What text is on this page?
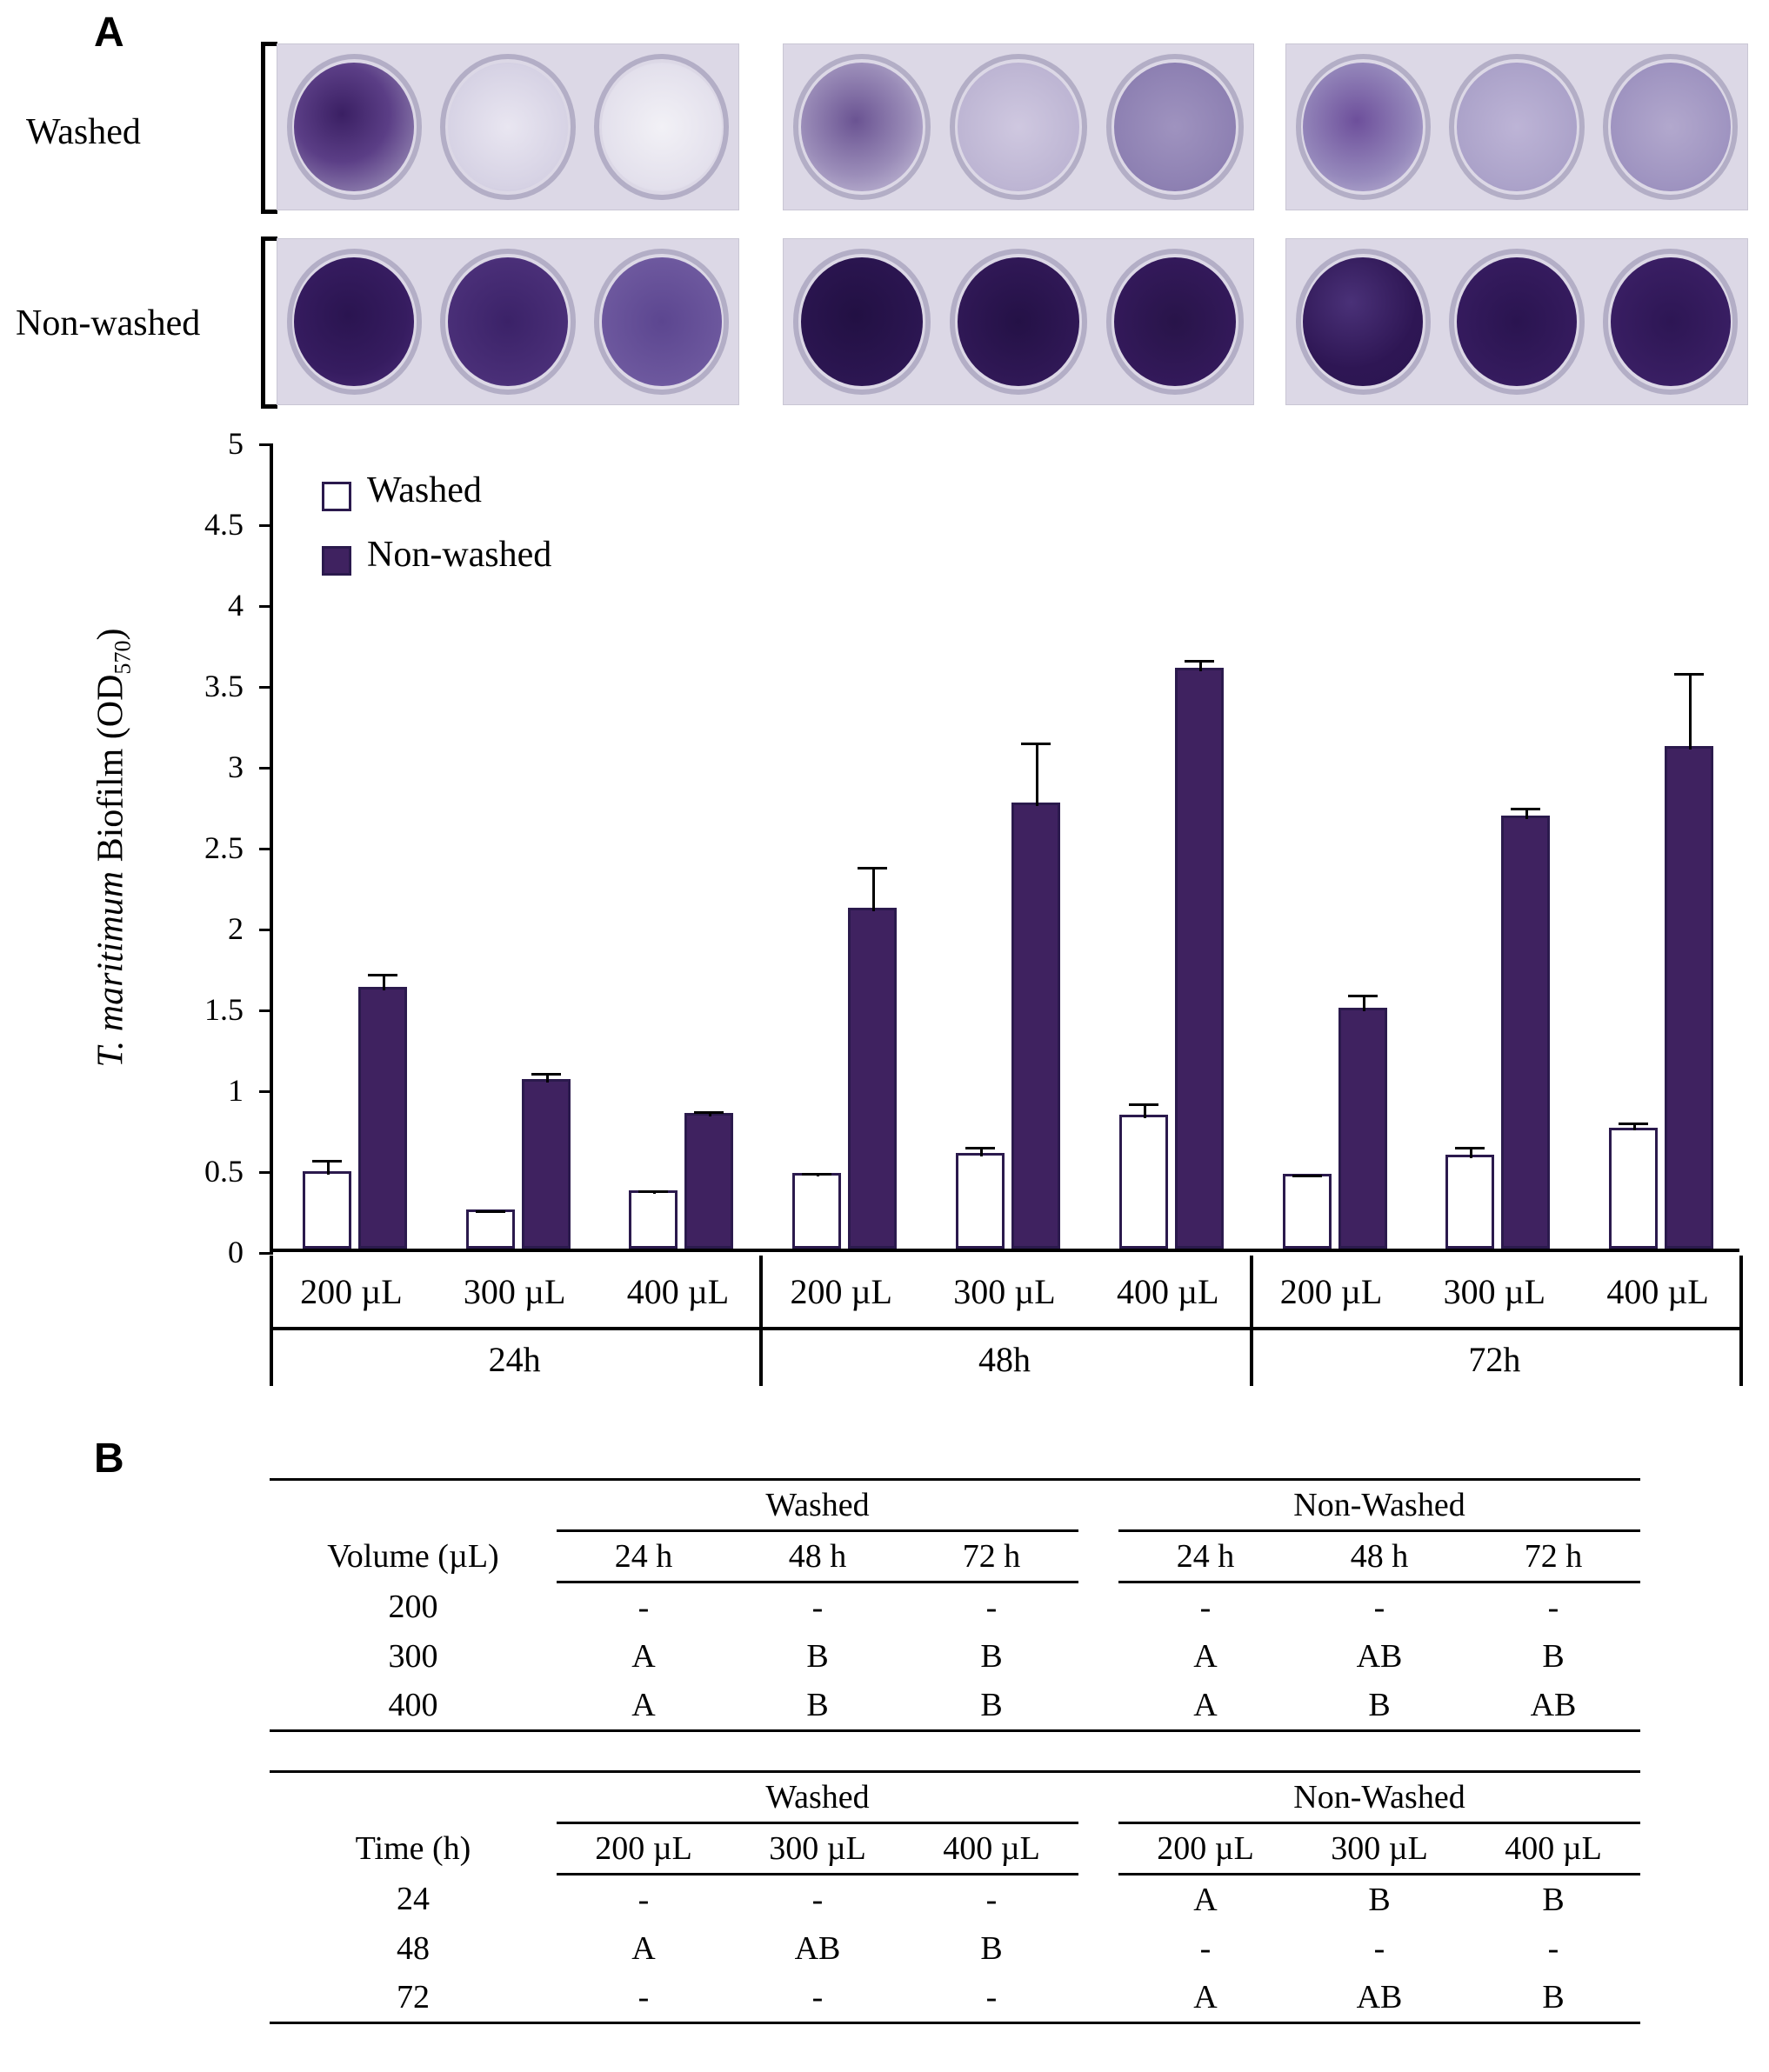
A
Washed
Non-washed
0
0.5
1
1.5
2
2.5
3
3.5
4
4.5
5
T. maritimum Biofilm $(OD_{570})$
Washed
Non-washed
200 µL	300 µL	400 µL	200 µL	300 µL	400 µL	200 µL	300 µL	400 µL
24h	48h	72h
B
	Washed				Non-Washed		
Volume (µL)	24 h	48 h	72 h		24 h	48 h	72 h
200	-	-	-		-	-	-
300	A	B	B		A	AB	B
400	A	B	B		A	B	AB
	Washed				Non-Washed		
Time (h)	200 µL	300 µL	400 µL		200 µL	300 µL	400 µL
24	-	-	-		A	B	B
48	A	AB	B		-	-	-
72	-	-	-		A	AB	B
